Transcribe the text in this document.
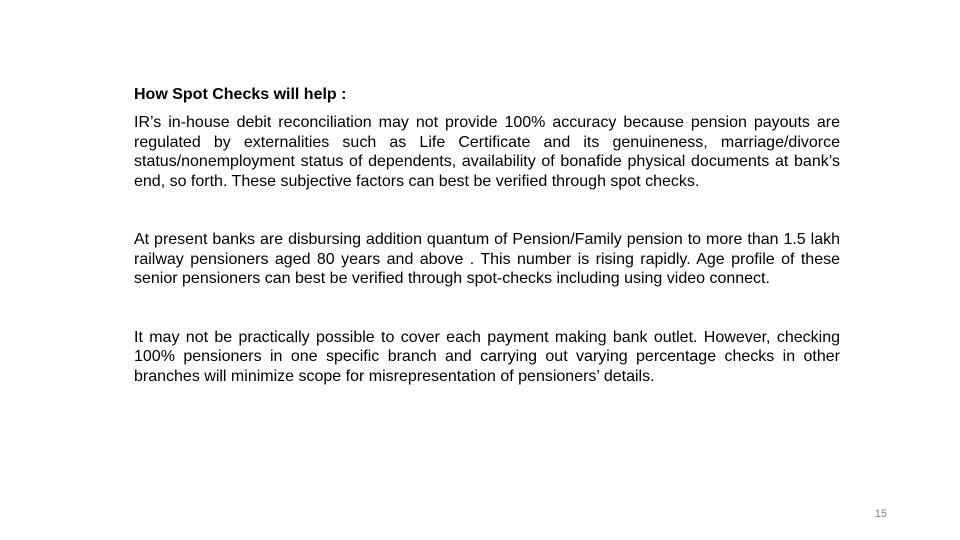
How Spot Checks will help :

IR’s in-house debit reconciliation may not provide 100% accuracy because pension payouts are regulated by externalities such as Life Certificate and its genuineness, marriage/divorce status/nonemployment status of dependents, availability of bonafide physical documents at bank’s end, so forth. These subjective factors can best be verified through spot checks.

At present banks are disbursing addition quantum of Pension/Family pension to more than 1.5 lakh railway pensioners aged 80 years and above . This number is rising rapidly. Age profile of these senior pensioners can best be verified through spot-checks including using video connect.

It may not be practically possible to cover each payment making bank outlet. However, checking 100% pensioners in one specific branch and carrying out varying percentage checks in other branches will minimize scope for misrepresentation of pensioners’ details.

15
